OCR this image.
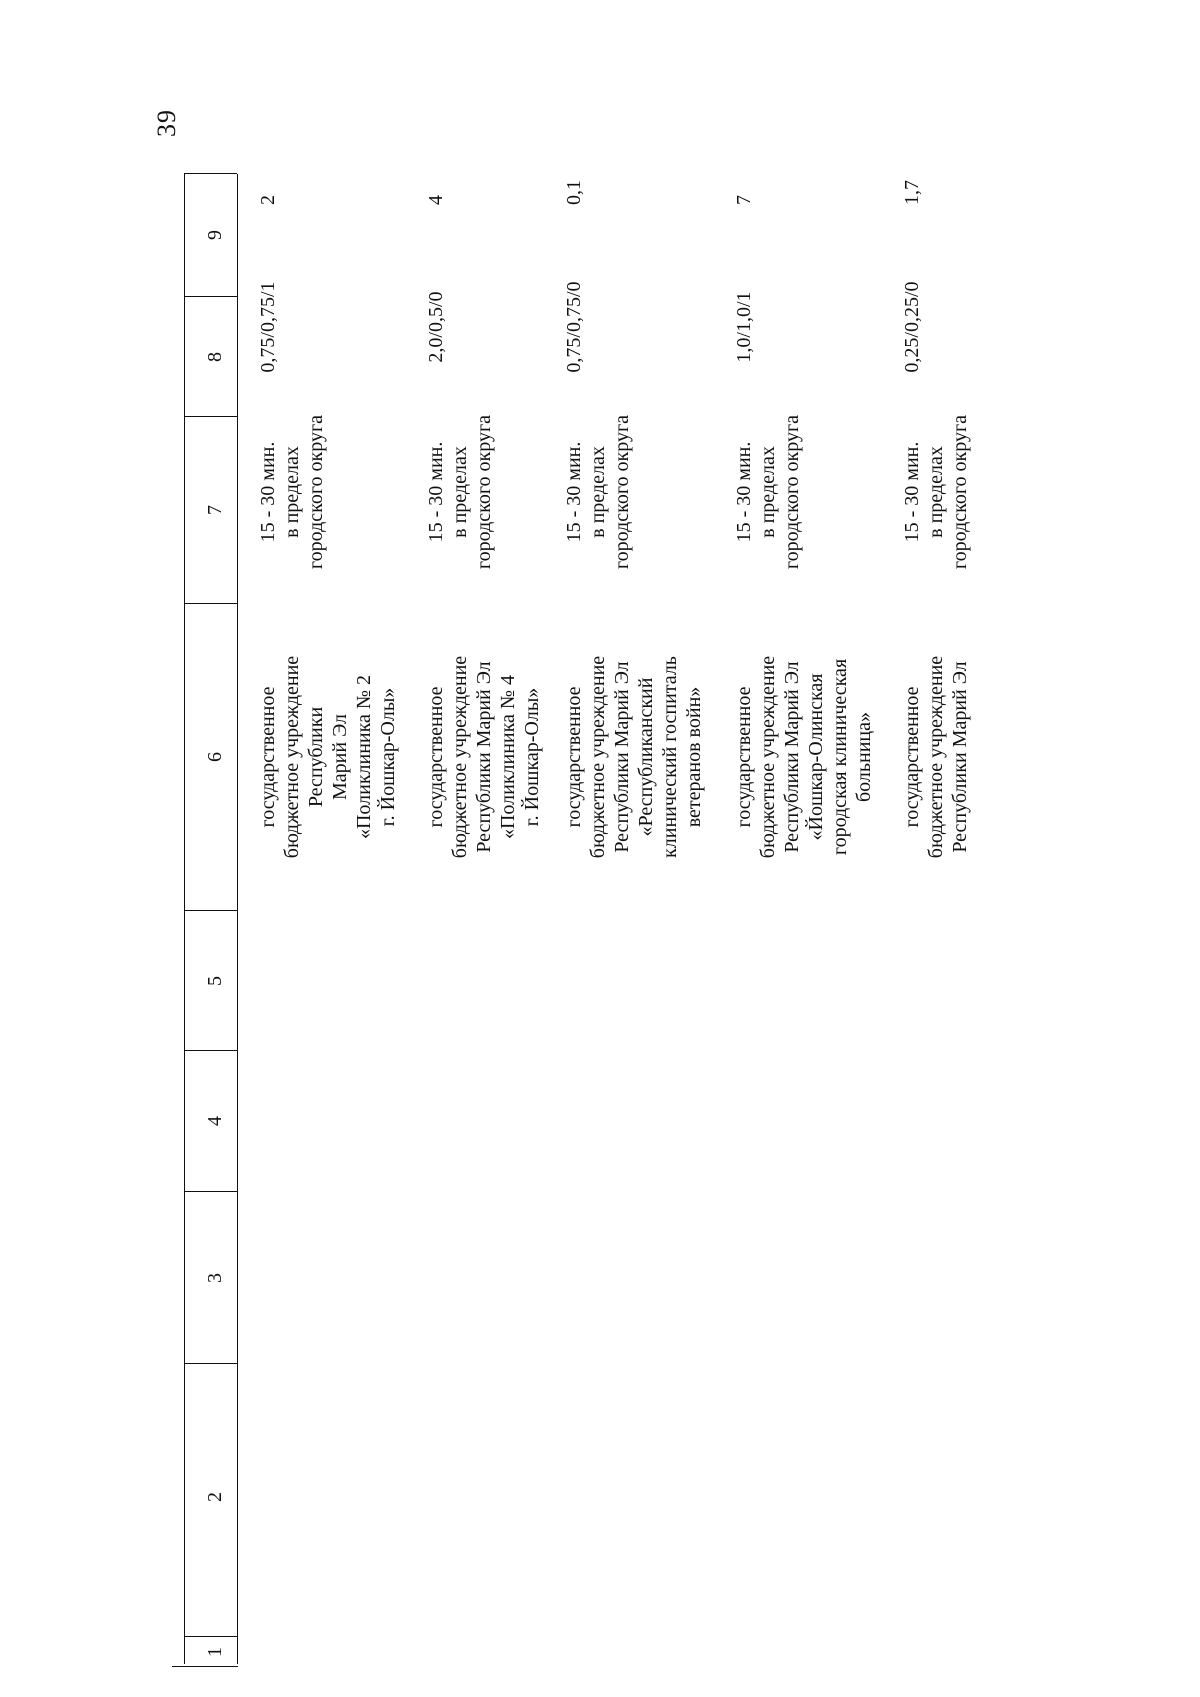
39
1
2
3
4
5
6
7
8
9
государственное
бюджетное учреждение
Республики
Марий Эл
«Поликлиника № 2
г. Йошкар-Олы»
15 - 30 мин.
в пределах
городского округа
0,75/0,75/1
2
государственное
бюджетное учреждение
Республики Марий Эл
«Поликлиника № 4
г. Йошкар-Олы»
15 - 30 мин.
в пределах
городского округа
2,0/0,5/0
4
государственное
бюджетное учреждение
Республики Марий Эл
«Республиканский
клинический госпиталь
ветеранов войн»
15 - 30 мин.
в пределах
городского округа
0,75/0,75/0
0,1
государственное
бюджетное учреждение
Республики Марий Эл
«Йошкар-Олинская
городская клиническая
больница»
15 - 30 мин.
в пределах
городского округа
1,0/1,0/1
7
государственное
бюджетное учреждение
Республики Марий Эл
15 - 30 мин.
в пределах
городского округа
0,25/0,25/0
1,7
